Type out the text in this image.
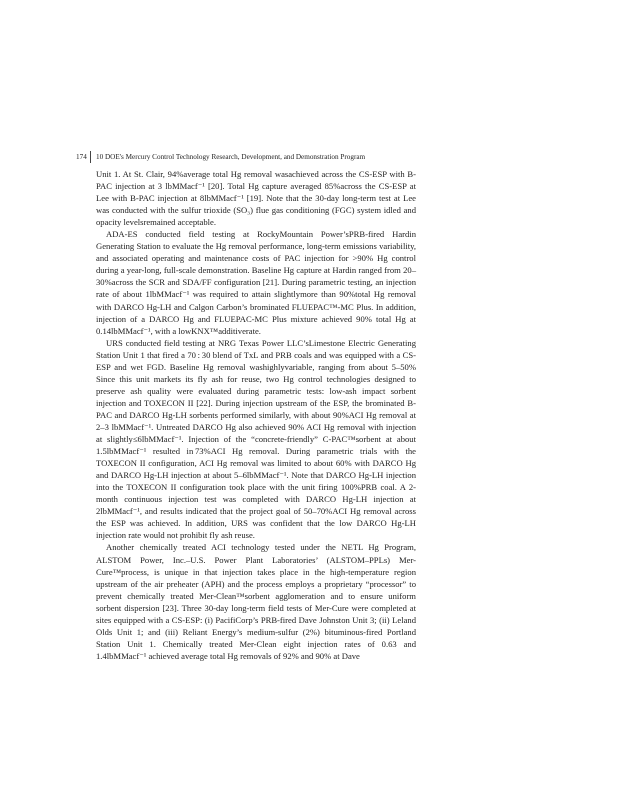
174 10 DOE's Mercury Control Technology Research, Development, and Demonstration Program

Unit 1. At St. Clair, 94%average total Hg removal wasachieved across the CS-ESP with B-PAC injection at 3 lbMMacf⁻¹ [20]. Total Hg capture averaged 85%across the CS-ESP at Lee with B-PAC injection at 8lbMMacf⁻¹ [19]. Note that the 30-day long-term test at Lee was conducted with the sulfur trioxide (SO₃) flue gas conditioning (FGC) system idled and opacity levelsremained acceptable.

ADA-ES conducted field testing at RockyMountain Power’sPRB-fired Hardin Generating Station to evaluate the Hg removal performance, long-term emissions variability, and associated operating and maintenance costs of PAC injection for >90% Hg control during a year-long, full-scale demonstration. Baseline Hg capture at Hardin ranged from 20–30%across the SCR and SDA/FF configuration [21]. During parametric testing, an injection rate of about 1lbMMacf⁻¹ was required to attain slightlymore than 90%total Hg removal with DARCO Hg-LH and Calgon Carbon’s brominated FLUEPAC™-MC Plus. In addition, injection of a DARCO Hg and FLUEPAC-MC Plus mixture achieved 90% total Hg at 0.14lbMMacf⁻¹, with a lowKNX™additiverate.

URS conducted field testing at NRG Texas Power LLC’sLimestone Electric Generating Station Unit 1 that fired a 70 : 30 blend of TxL and PRB coals and was equipped with a CS-ESP and wet FGD. Baseline Hg removal washighlyvariable, ranging from about 5–50% Since this unit markets its fly ash for reuse, two Hg control technologies designed to preserve ash quality were evaluated during parametric tests: low-ash impact sorbent injection and TOXECON II [22]. During injection upstream of the ESP, the brominated B-PAC and DARCO Hg-LH sorbents performed similarly, with about 90%ACI Hg removal at 2–3 lbMMacf⁻¹. Untreated DARCO Hg also achieved 90% ACI Hg removal with injection at slightly≤6lbMMacf⁻¹. Injection of the “concrete-friendly” C-PAC™sorbent at about 1.5lbMMacf⁻¹ resulted in 73%ACI Hg removal. During parametric trials with the TOXECON II configuration, ACI Hg removal was limited to about 60% with DARCO Hg and DARCO Hg-LH injection at about 5–6lbMMacf⁻¹. Note that DARCO Hg-LH injection into the TOXECON II configuration took place with the unit firing 100%PRB coal. A 2-month continuous injection test was completed with DARCO Hg-LH injection at 2lbMMacf⁻¹, and results indicated that the project goal of 50–70%ACI Hg removal across the ESP was achieved. In addition, URS was confident that the low DARCO Hg-LH injection rate would not prohibit fly ash reuse.

Another chemically treated ACI technology tested under the NETL Hg Program, ALSTOM Power, Inc.–U.S. Power Plant Laboratories’ (ALSTOM–PPLs) Mer-Cure™process, is unique in that injection takes place in the high-temperature region upstream of the air preheater (APH) and the process employs a proprietary “processor” to prevent chemically treated Mer-Clean™sorbent agglomeration and to ensure uniform sorbent dispersion [23]. Three 30-day long-term field tests of Mer-Cure were completed at sites equipped with a CS-ESP: (i) PacifiCorp’s PRB-fired Dave Johnston Unit 3; (ii) Leland Olds Unit 1; and (iii) Reliant Energy’s medium-sulfur (2%) bituminous-fired Portland Station Unit 1. Chemically treated Mer-Clean eight injection rates of 0.63 and 1.4lbMMacf⁻¹ achieved average total Hg removals of 92% and 90% at Dave
